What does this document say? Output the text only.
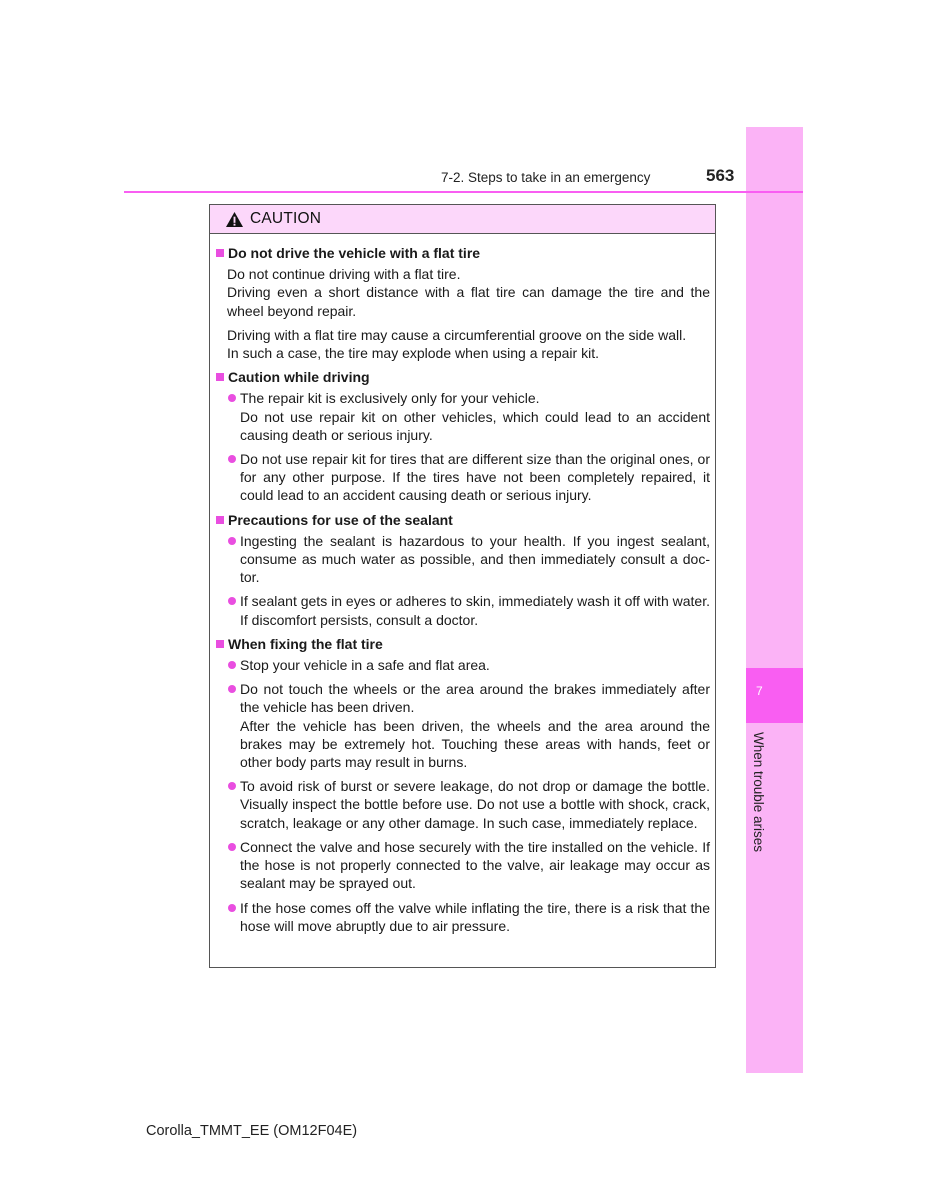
7
When trouble arises
7-2. Steps to take in an emergency	563
CAUTION
Do not drive the vehicle with a flat tire
Do not continue driving with a flat tire.
Driving even a short distance with a flat tire can damage the tire and the wheel beyond repair.
Driving with a flat tire may cause a circumferential groove on the side wall.
In such a case, the tire may explode when using a repair kit.
Caution while driving
The repair kit is exclusively only for your vehicle.
Do not use repair kit on other vehicles, which could lead to an accident causing death or serious injury.
Do not use repair kit for tires that are different size than the original ones, or for any other purpose. If the tires have not been completely repaired, it could lead to an accident causing death or serious injury.
Precautions for use of the sealant
Ingesting the sealant is hazardous to your health. If you ingest sealant, consume as much water as possible, and then immediately consult a doctor.
If sealant gets in eyes or adheres to skin, immediately wash it off with water. If discomfort persists, consult a doctor.
When fixing the flat tire
Stop your vehicle in a safe and flat area.
Do not touch the wheels or the area around the brakes immediately after the vehicle has been driven.
After the vehicle has been driven, the wheels and the area around the brakes may be extremely hot. Touching these areas with hands, feet or other body parts may result in burns.
To avoid risk of burst or severe leakage, do not drop or damage the bottle. Visually inspect the bottle before use. Do not use a bottle with shock, crack, scratch, leakage or any other damage. In such case, immediately replace.
Connect the valve and hose securely with the tire installed on the vehicle. If the hose is not properly connected to the valve, air leakage may occur as sealant may be sprayed out.
If the hose comes off the valve while inflating the tire, there is a risk that the hose will move abruptly due to air pressure.
Corolla_TMMT_EE (OM12F04E)
